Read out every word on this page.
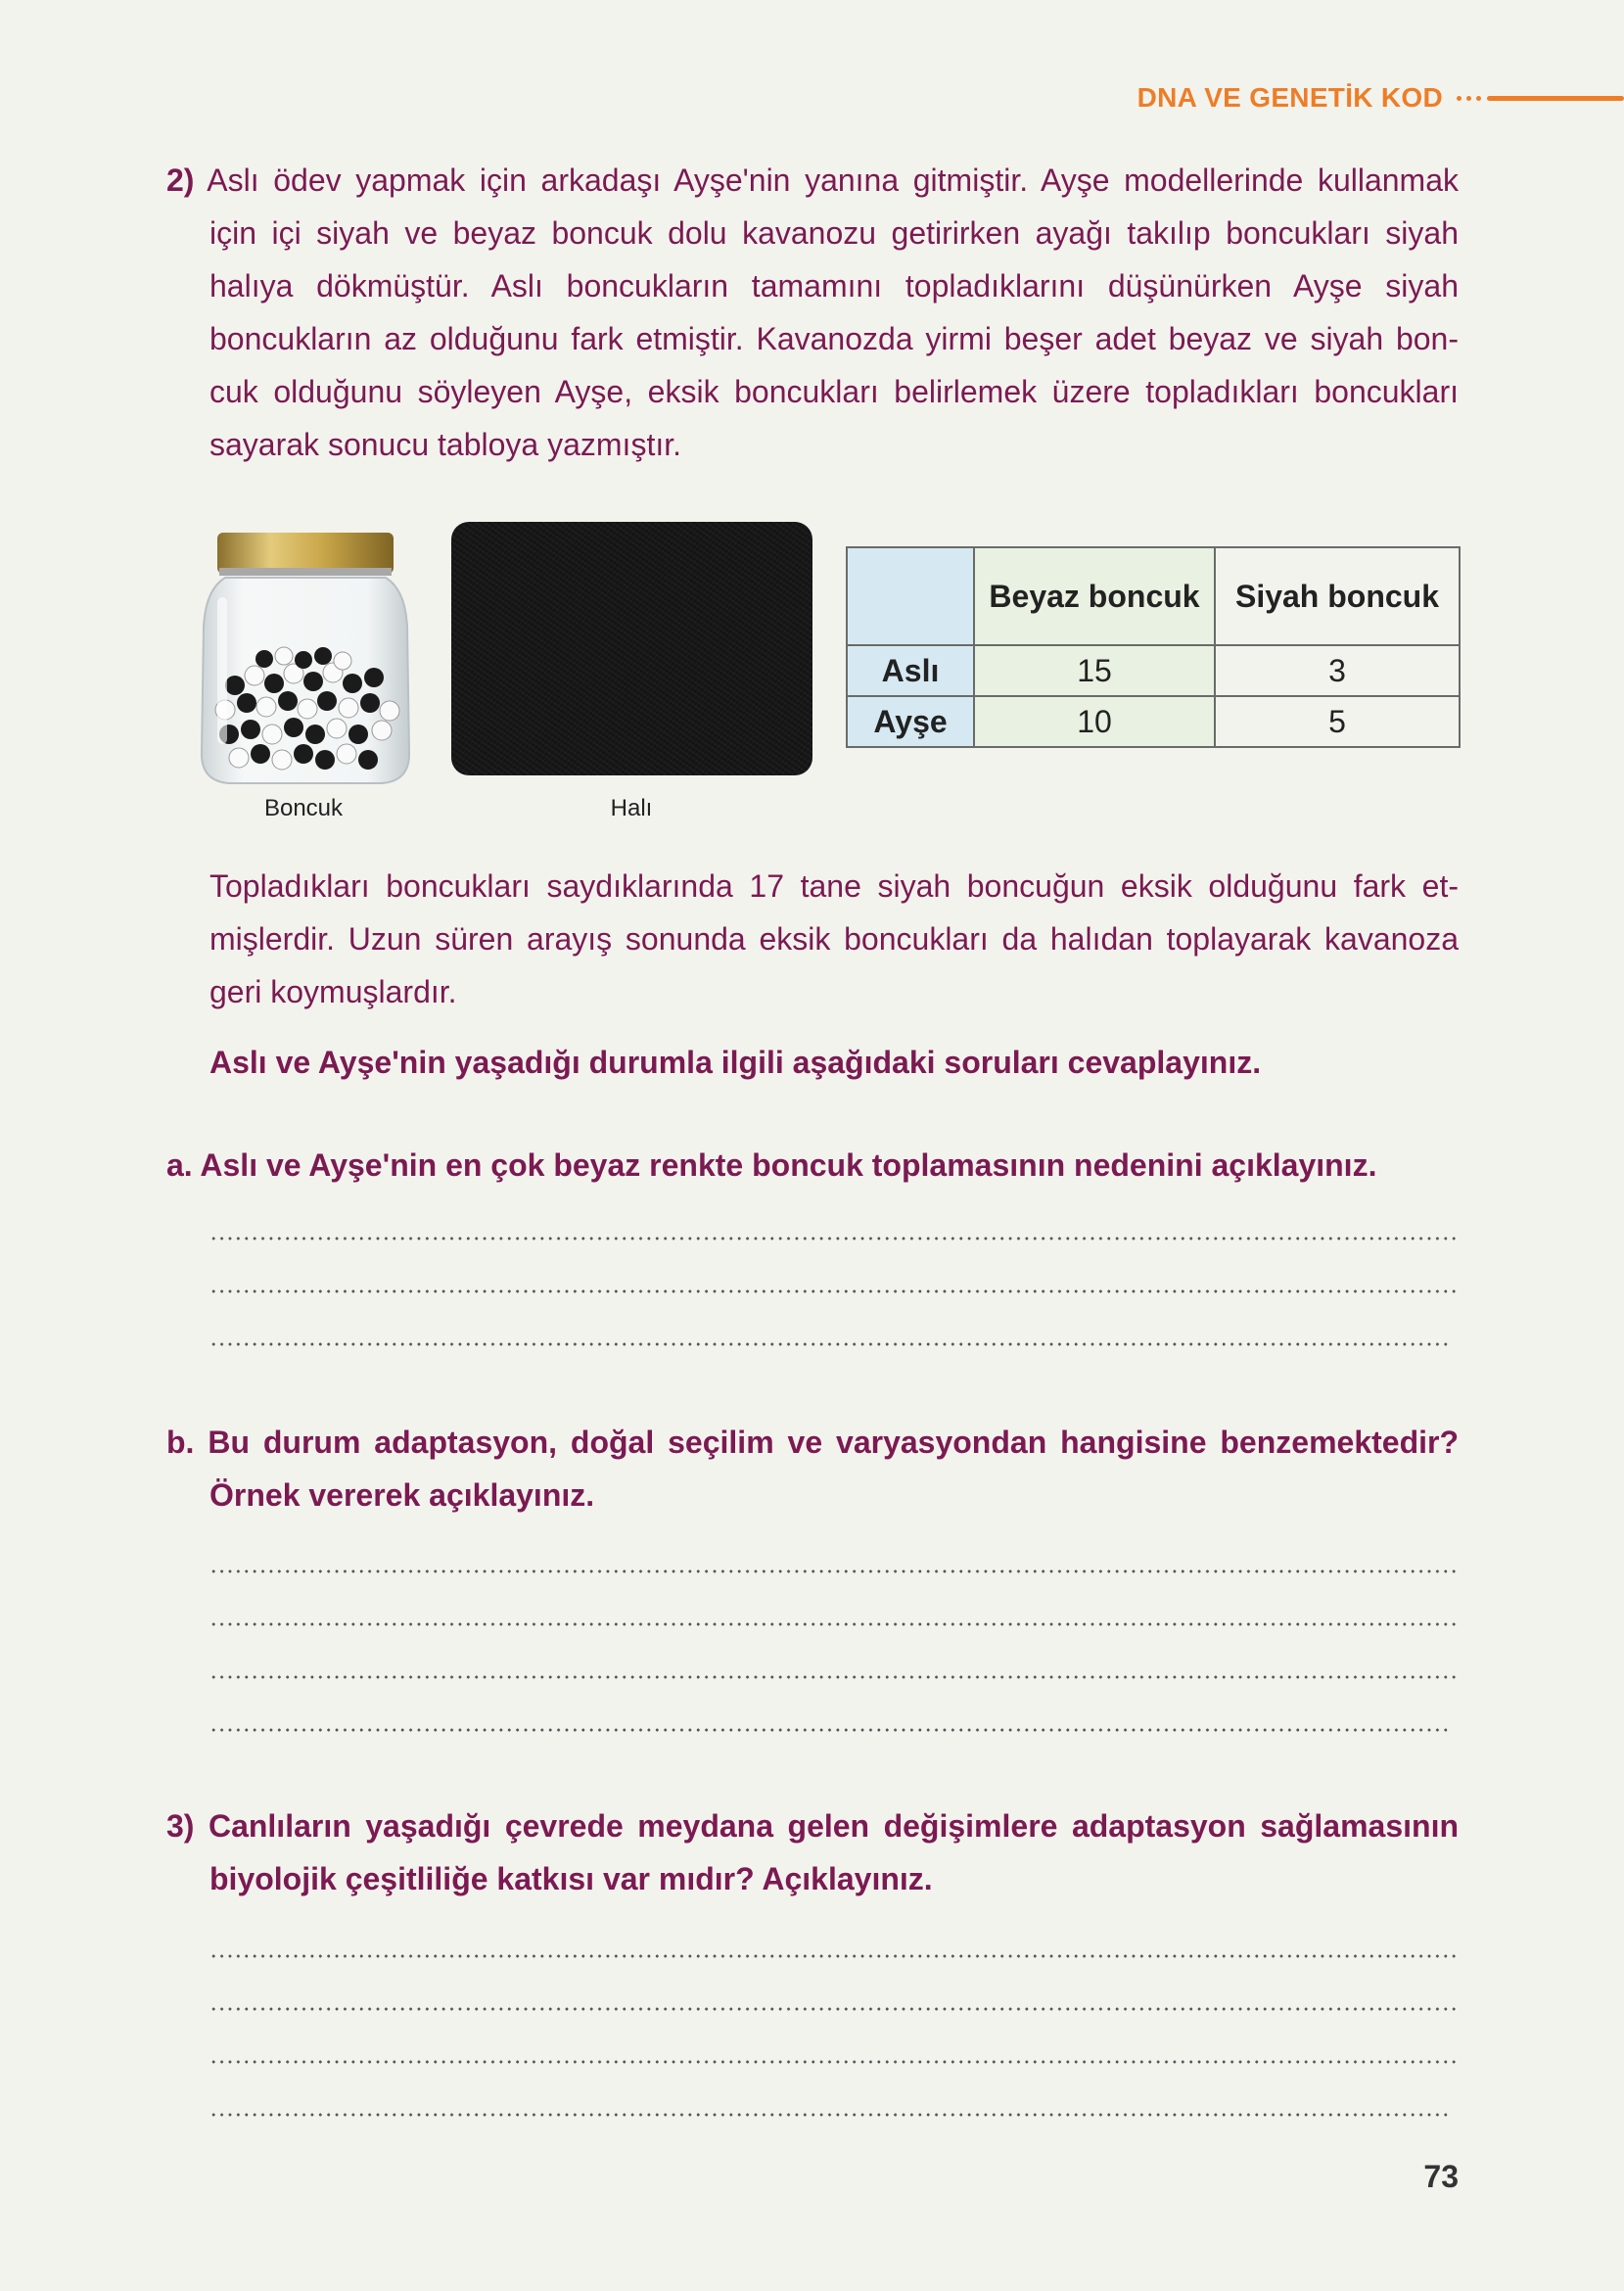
DNA VE GENETİK KOD
2) Aslı ödev yapmak için arkadaşı Ayşe'nin yanına gitmiştir. Ayşe modellerinde kullanmak
için içi siyah ve beyaz boncuk dolu kavanozu getirirken ayağı takılıp boncukları siyah
halıya dökmüştür. Aslı boncukların tamamını topladıklarını düşünürken Ayşe siyah
boncukların az olduğunu fark etmiştir. Kavanozda yirmi beşer adet beyaz ve siyah bon-
cuk olduğunu söyleyen Ayşe, eksik boncukları belirlemek üzere topladıkları boncukları
sayarak sonucu tabloya yazmıştır.
Boncuk	Halı
	Beyaz boncuk	Siyah boncuk
Aslı	15	3
Ayşe	10	5
Topladıkları boncukları saydıklarında 17 tane siyah boncuğun eksik olduğunu fark et-
mişlerdir. Uzun süren arayış sonunda eksik boncukları da halıdan toplayarak kavanoza
geri koymuşlardır.
Aslı ve Ayşe'nin yaşadığı durumla ilgili aşağıdaki soruları cevaplayınız.
a. Aslı ve Ayşe'nin en çok beyaz renkte boncuk toplamasının nedenini açıklayınız.
b. Bu durum adaptasyon, doğal seçilim ve varyasyondan hangisine benzemektedir?
Örnek vererek açıklayınız.
3) Canlıların yaşadığı çevrede meydana gelen değişimlere adaptasyon sağlamasının
biyolojik çeşitliliğe katkısı var mıdır? Açıklayınız.
73
